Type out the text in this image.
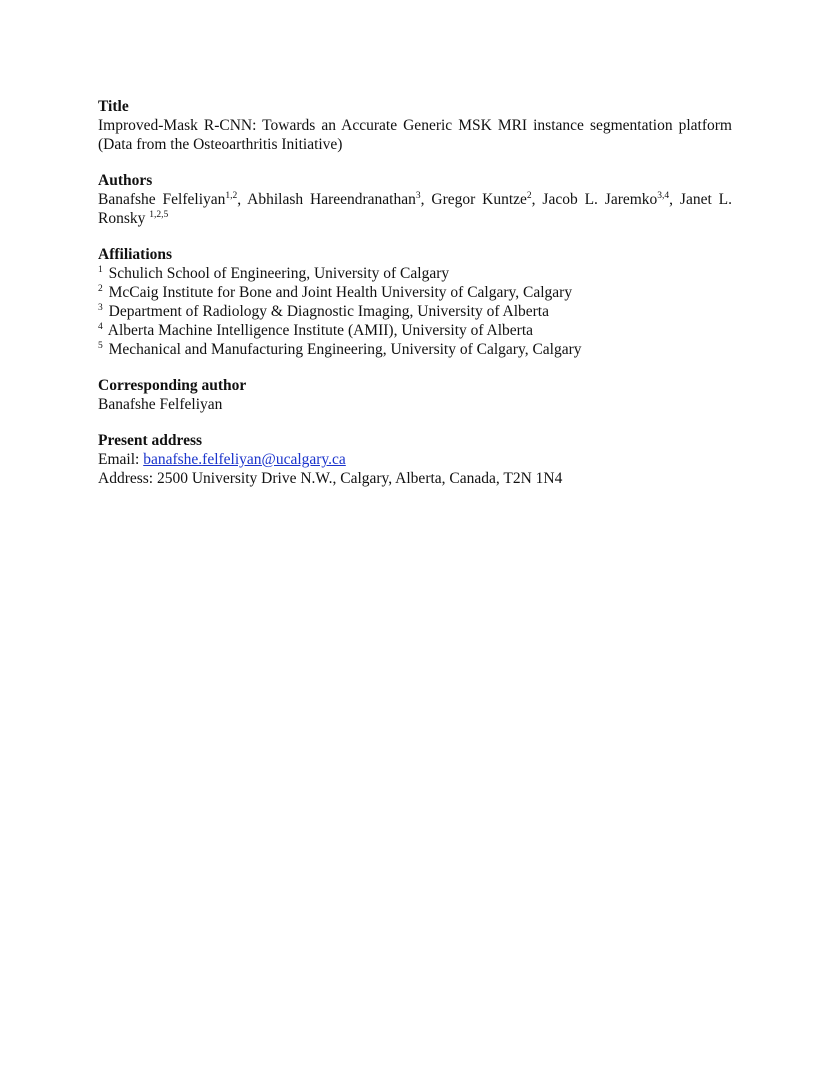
Title
Improved-Mask R-CNN: Towards an Accurate Generic MSK MRI instance segmentation platform (Data from the Osteoarthritis Initiative)
Authors
Banafshe Felfeliyan$^{1,2}$, Abhilash Hareendranathan$^3$, Gregor Kuntze$^2$, Jacob L. Jaremko$^{3,4}$, Janet L. Ronsky $^{1,2,5}$
Affiliations
$^1$ Schulich School of Engineering, University of Calgary
$^2$ McCaig Institute for Bone and Joint Health University of Calgary, Calgary
$^3$ Department of Radiology & Diagnostic Imaging, University of Alberta
$^4$ Alberta Machine Intelligence Institute (AMII), University of Alberta
$^5$ Mechanical and Manufacturing Engineering, University of Calgary, Calgary
Corresponding author
Banafshe Felfeliyan
Present address
Email: banafshe.felfeliyan@ucalgary.ca
Address: 2500 University Drive N.W., Calgary, Alberta, Canada, T2N 1N4
